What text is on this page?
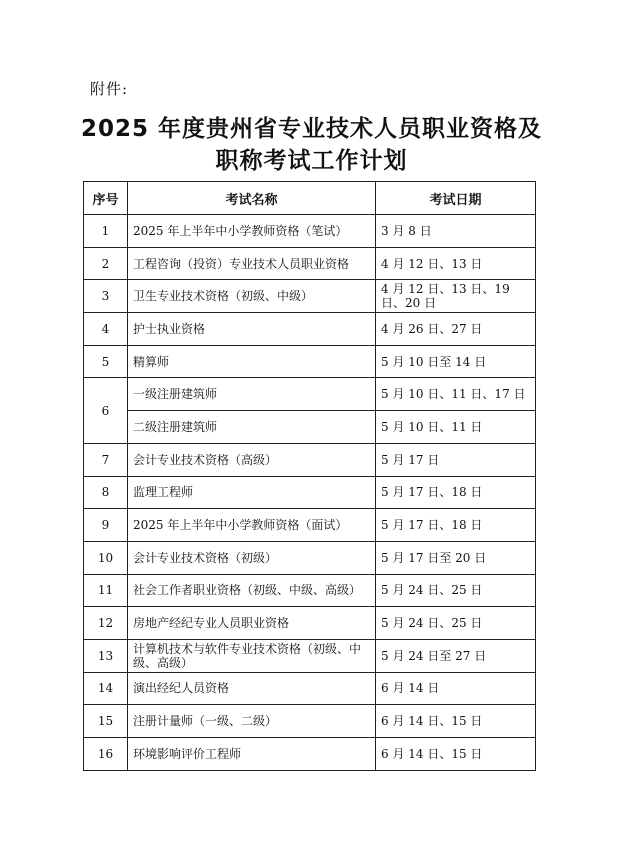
附件:
2025 年度贵州省专业技术人员职业资格及
职称考试工作计划
序号	考试名称	考试日期
1	2025 年上半年中小学教师资格（笔试）	3 月 8 日
2	工程咨询（投资）专业技术人员职业资格	4 月 12 日、13 日
3	卫生专业技术资格（初级、中级）	4 月 12 日、13 日、19 日、20 日
4	护士执业资格	4 月 26 日、27 日
5	精算师	5 月 10 日至 14 日
6	一级注册建筑师	5 月 10 日、11 日、17 日
	二级注册建筑师	5 月 10 日、11 日
7	会计专业技术资格（高级）	5 月 17 日
8	监理工程师	5 月 17 日、18 日
9	2025 年上半年中小学教师资格（面试）	5 月 17 日、18 日
10	会计专业技术资格（初级）	5 月 17 日至 20 日
11	社会工作者职业资格（初级、中级、高级）	5 月 24 日、25 日
12	房地产经纪专业人员职业资格	5 月 24 日、25 日
13	计算机技术与软件专业技术资格（初级、中级、高级）	5 月 24 日至 27 日
14	演出经纪人员资格	6 月 14 日
15	注册计量师（一级、二级）	6 月 14 日、15 日
16	环境影响评价工程师	6 月 14 日、15 日
